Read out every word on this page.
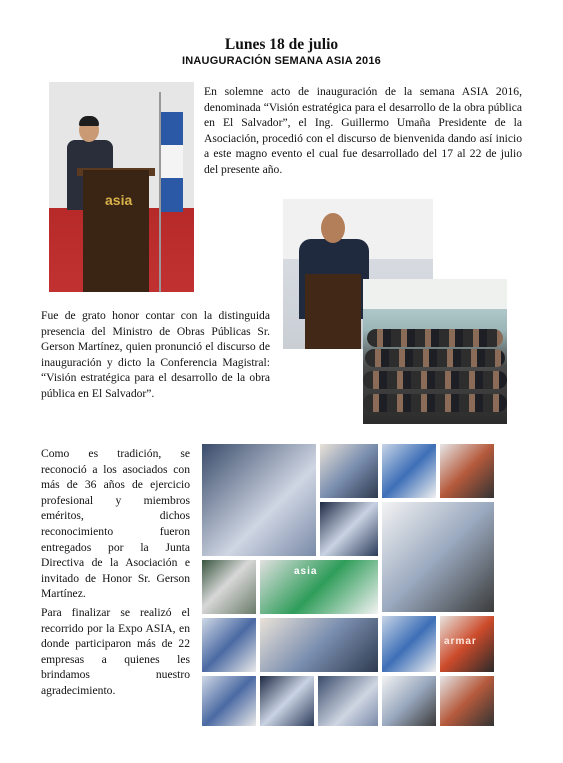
Lunes 18 de julio
INAUGURACIÓN SEMANA ASIA 2016
asia
En solemne acto de inauguración de la semana ASIA 2016, denominada “Visión estratégica para el desarrollo de la obra pública en El Salvador”, el Ing. Guillermo Umaña Presidente de la Asociación, procedió con el discurso de bienvenida dando así inicio a este magno evento el cual fue desarrollado del 17 al 22 de julio del presente año.
Fue de grato honor contar con la distinguida presencia del Ministro de Obras Públicas Sr. Gerson Martínez, quien pronunció el discurso de inauguración y dicto la Conferencia Magistral: “Visión estratégica para el desarrollo de la obra pública en El Salvador”.
Como es tradición, se reconoció a los asociados con más de 36 años de ejercicio profesional y miembros eméritos, dichos reconocimiento fueron entregados por la Junta Directiva de la Asociación e invitado de Honor Sr. Gerson Martínez.
Para finalizar se realizó el recorrido por la Expo ASIA, en donde participaron más de 22 empresas a quienes les brindamos nuestro agradecimiento.
asia
armar
